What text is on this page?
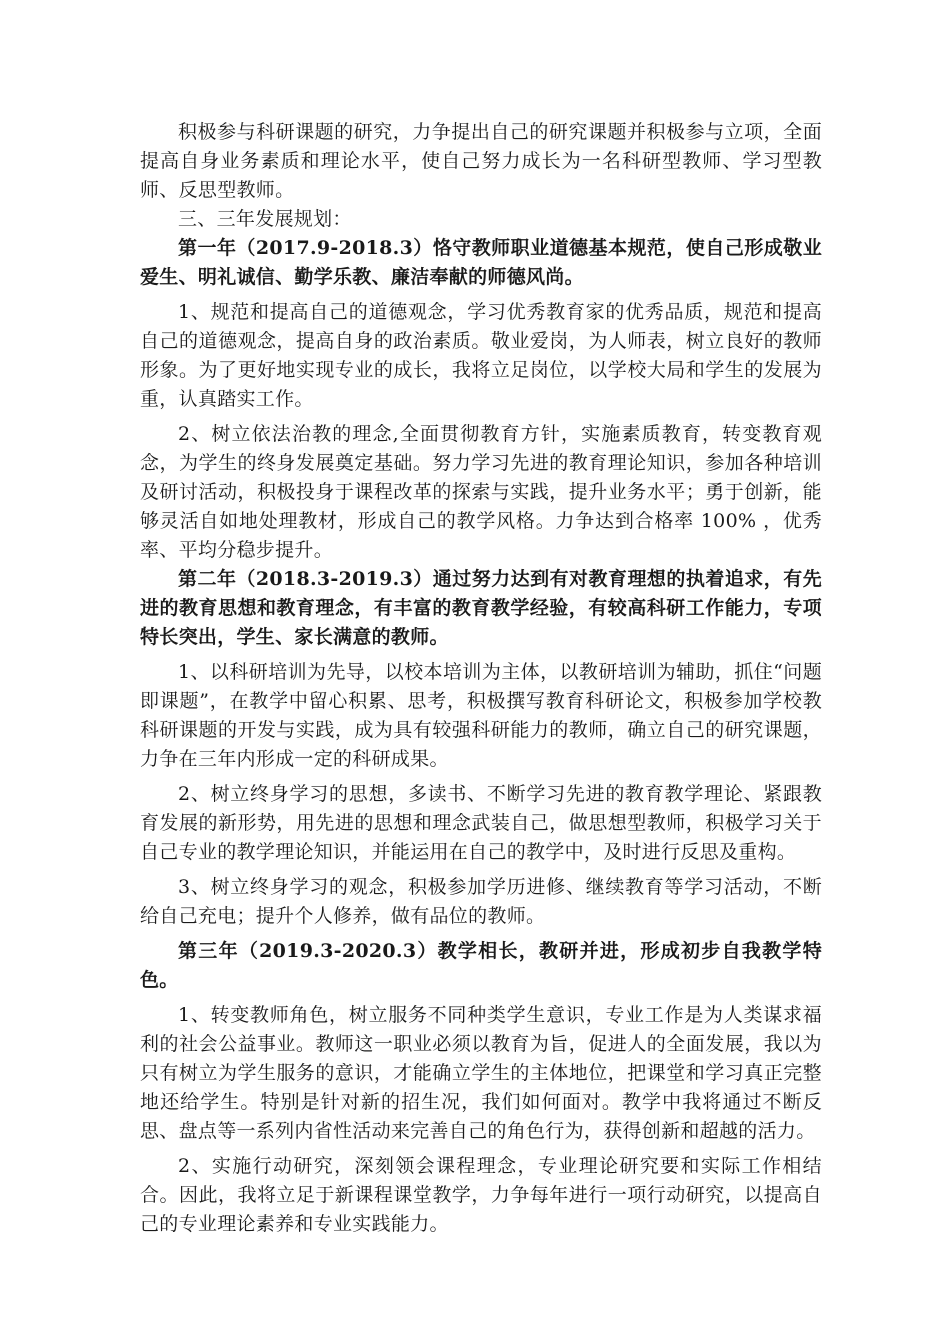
积极参与科研课题的研究，力争提出自己的研究课题并积极参与立项，全面提高自身业务素质和理论水平，使自己努力成长为一名科研型教师、学习型教师、反思型教师。

三、三年发展规划：

第一年（2017.9-2018.3）恪守教师职业道德基本规范，使自己形成敬业爱生、明礼诚信、勤学乐教、廉洁奉献的师德风尚。

1、规范和提高自己的道德观念，学习优秀教育家的优秀品质，规范和提高自己的道德观念，提高自身的政治素质。敬业爱岗，为人师表，树立良好的教师形象。为了更好地实现专业的成长，我将立足岗位，以学校大局和学生的发展为重，认真踏实工作。

2、树立依法治教的理念,全面贯彻教育方针，实施素质教育，转变教育观念，为学生的终身发展奠定基础。努力学习先进的教育理论知识，参加各种培训及研讨活动，积极投身于课程改革的探索与实践，提升业务水平；勇于创新，能够灵活自如地处理教材，形成自己的教学风格。力争达到合格率 100% ，优秀率、平均分稳步提升。

第二年（2018.3-2019.3）通过努力达到有对教育理想的执着追求，有先进的教育思想和教育理念，有丰富的教育教学经验，有较高科研工作能力，专项特长突出，学生、家长满意的教师。

1、以科研培训为先导，以校本培训为主体，以教研培训为辅助，抓住“问题即课题”，在教学中留心积累、思考，积极撰写教育科研论文，积极参加学校教科研课题的开发与实践，成为具有较强科研能力的教师，确立自己的研究课题，力争在三年内形成一定的科研成果。

2、树立终身学习的思想，多读书、不断学习先进的教育教学理论、紧跟教育发展的新形势，用先进的思想和理念武装自己，做思想型教师，积极学习关于自己专业的教学理论知识，并能运用在自己的教学中，及时进行反思及重构。

3、树立终身学习的观念，积极参加学历进修、继续教育等学习活动，不断给自己充电；提升个人修养，做有品位的教师。

第三年（2019.3-2020.3）教学相长，教研并进，形成初步自我教学特色。

1、转变教师角色，树立服务不同种类学生意识，专业工作是为人类谋求福利的社会公益事业。教师这一职业必须以教育为旨，促进人的全面发展，我以为只有树立为学生服务的意识，才能确立学生的主体地位，把课堂和学习真正完整地还给学生。特别是针对新的招生况，我们如何面对。教学中我将通过不断反思、盘点等一系列内省性活动来完善自己的角色行为，获得创新和超越的活力。

2、实施行动研究，深刻领会课程理念，专业理论研究要和实际工作相结合。因此，我将立足于新课程课堂教学，力争每年进行一项行动研究，以提高自己的专业理论素养和专业实践能力。
